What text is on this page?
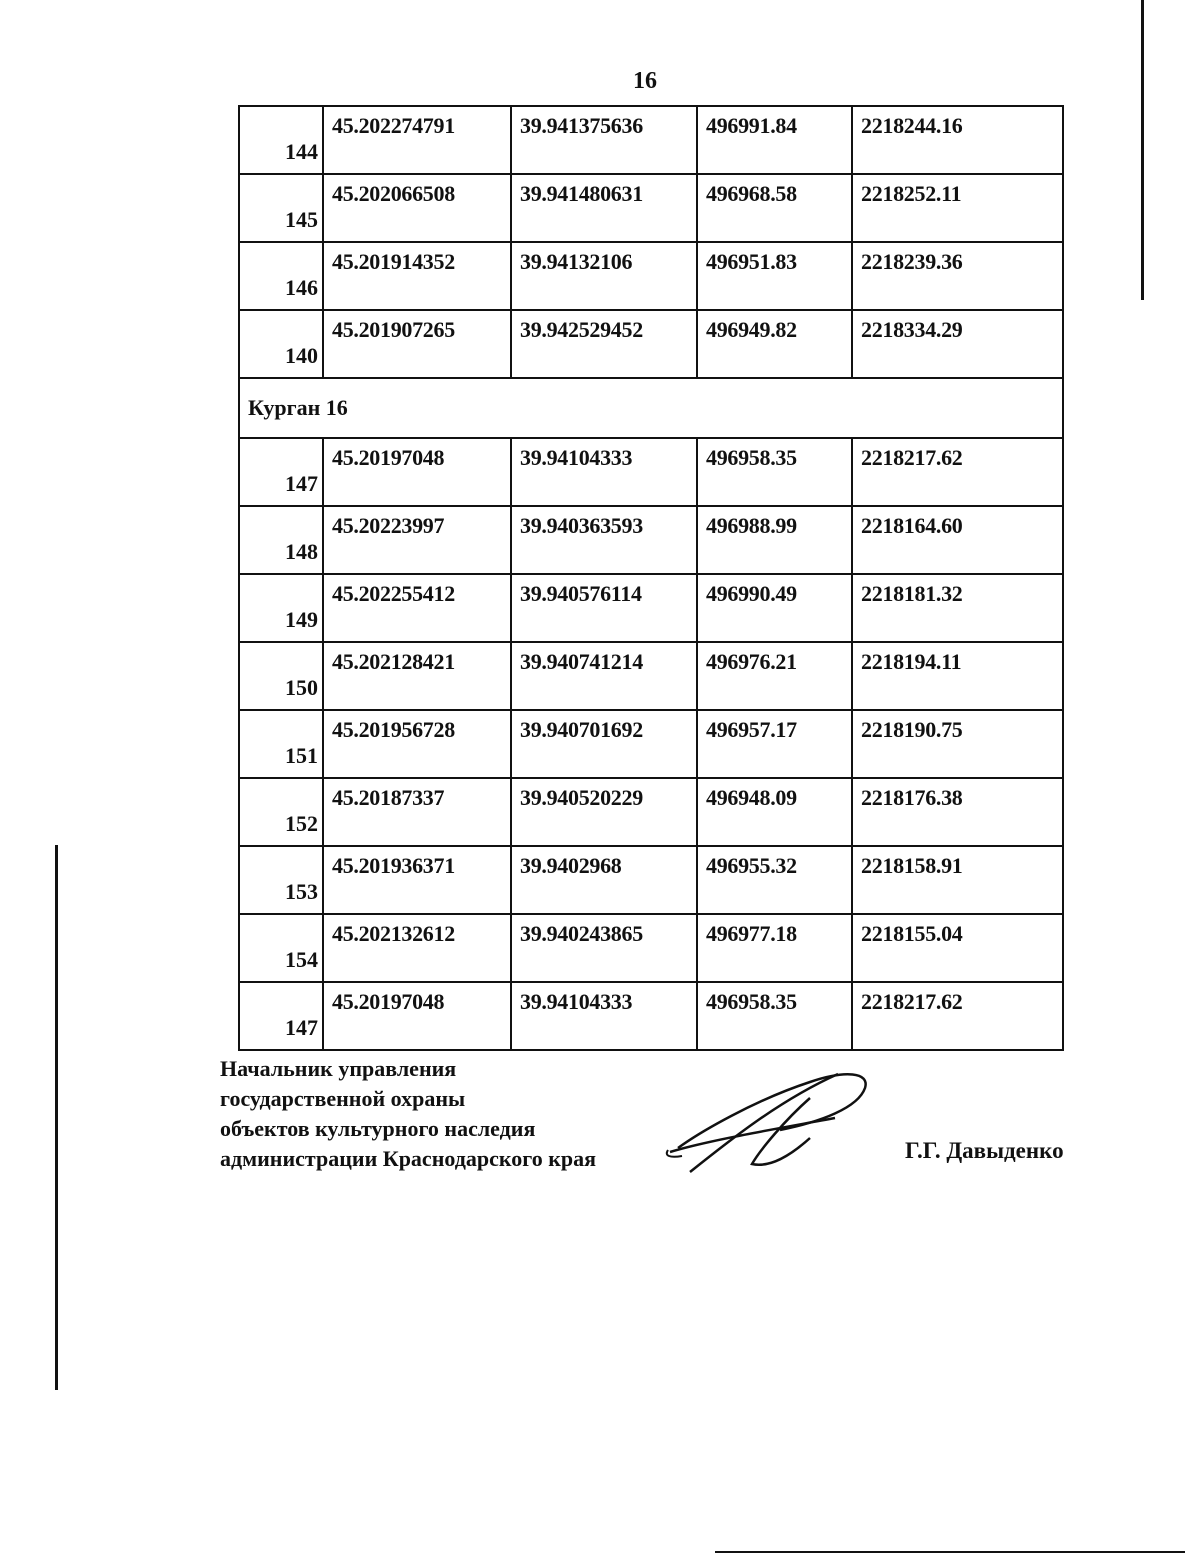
16
144	45.202274791	39.941375636	496991.84	2218244.16
145	45.202066508	39.941480631	496968.58	2218252.11
146	45.201914352	39.94132106	496951.83	2218239.36
140	45.201907265	39.942529452	496949.82	2218334.29
Курган 16				
147	45.20197048	39.94104333	496958.35	2218217.62
148	45.20223997	39.940363593	496988.99	2218164.60
149	45.202255412	39.940576114	496990.49	2218181.32
150	45.202128421	39.940741214	496976.21	2218194.11
151	45.201956728	39.940701692	496957.17	2218190.75
152	45.20187337	39.940520229	496948.09	2218176.38
153	45.201936371	39.9402968	496955.32	2218158.91
154	45.202132612	39.940243865	496977.18	2218155.04
147	45.20197048	39.94104333	496958.35	2218217.62
Начальник управления
государственной охраны
объектов культурного наследия
администрации Краснодарского края	Г.Г. Давыденко
